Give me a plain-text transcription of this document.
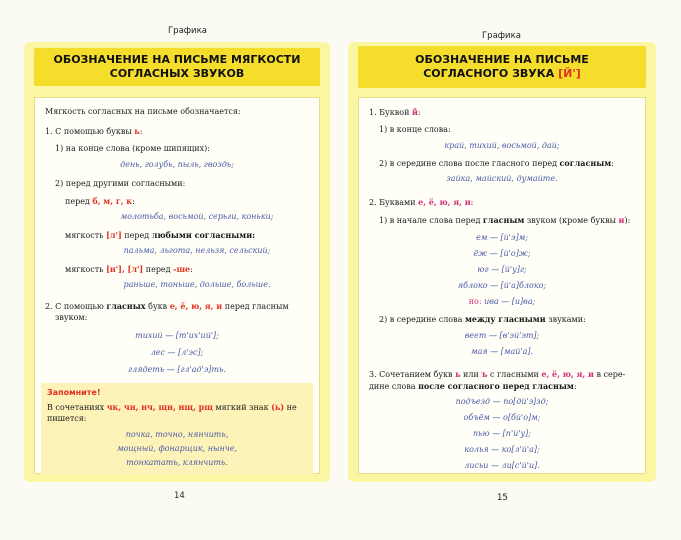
Графика	Графика
ОБОЗНАЧЕНИЕ НА ПИСЬМЕ МЯГКОСТИ
СОГЛАСНЫХ ЗВУКОВ
Мягкость согласных на письме обозначается:
1. С помощью буквы ь:
1) на конце слова (кроме шипящих):
день, голубь, пыль, гвоздь;
2) перед другими согласными:
перед б, м, г, к:
молотьба, восьмой, серьги, коньки;
мягкость [л'] перед любыми согласными:
пальма, льгота, нельзя, сельский;
мягкость [н'], [л'] перед -ше:
раньше, тоньше, дольше, больше.
2. С помощью гласных букв е, ё, ю, я, и перед гласным
звуком:
тихий — [т'их'ий'];
лес — [л'эс];
глядеть — [гл'ад'э]ть.
Запомните!
В сочетаниях чк, чн, нч, щн, нщ, рщ мягкий знак (ь) не
пишется:
почка, точно, нянчить,
мощный, фонарщик, нынче,
тонкатать, клянчить.
ОБОЗНАЧЕНИЕ НА ПИСЬМЕ
СОГЛАСНОГО ЗВУКА [Й']
1. Буквой й:
1) в конце слова:
край, тихий, восьмой, дай;
2) в середине слова после гласного перед согласным:
зайка, майский, думайте.
2. Буквами е, ё, ю, я, и:
1) в начале слова перед гласным звуком (кроме буквы и):
ем — [й'э]м;
ёж — [й'о]ж;
юг — [й'у]г;
яблоко — [й'а]блоко;
но: ива — [и]ва;
2) в середине слова между гласными звуками:
веет — [в'эй'эт];
мая — [май'а].
3. Сочетанием букв ь или ъ с гласными е, ё, ю, я, и в сере-
дине слова после согласного перед гласным:
подъезд — по[дй'э]зд;
объём — о[бй'о]м;
пью — [п'й'у];
колья — ко[л'й'а];
лисьи — ли[с'й'и].
14	15
